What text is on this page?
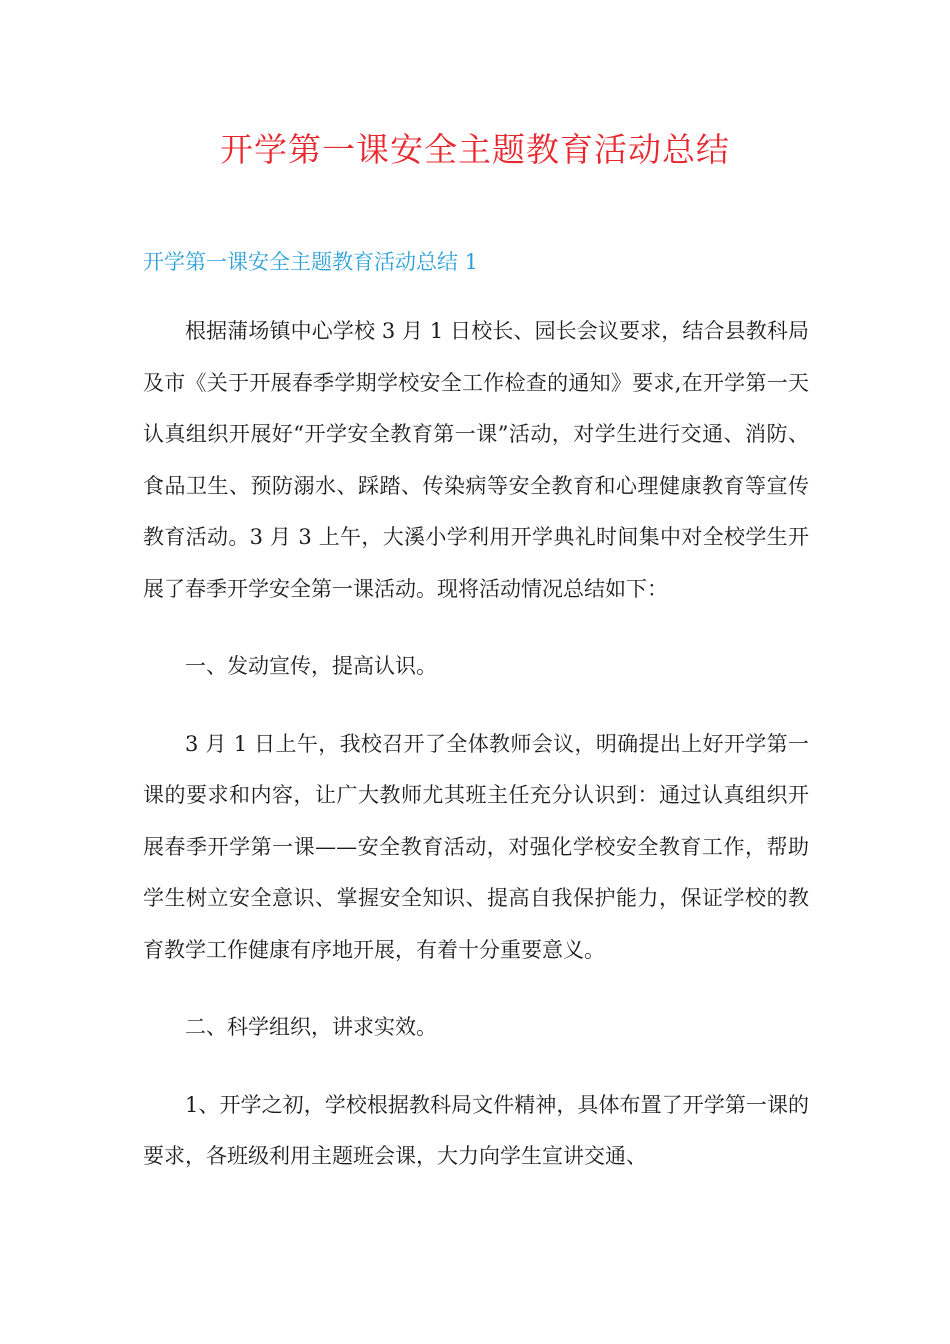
开学第一课安全主题教育活动总结
开学第一课安全主题教育活动总结 1

根据蒲场镇中心学校 3 月 1 日校长、园长会议要求，结合县教科局及市《关于开展春季学期学校安全工作检查的通知》要求,在开学第一天认真组织开展好“开学安全教育第一课”活动，对学生进行交通、消防、食品卫生、预防溺水、踩踏、传染病等安全教育和心理健康教育等宣传教育活动。3 月 3 上午，大溪小学利用开学典礼时间集中对全校学生开展了春季开学安全第一课活动。现将活动情况总结如下：

一、发动宣传，提高认识。

3 月 1 日上午，我校召开了全体教师会议，明确提出上好开学第一课的要求和内容，让广大教师尤其班主任充分认识到：通过认真组织开展春季开学第一课——安全教育活动，对强化学校安全教育工作，帮助学生树立安全意识、掌握安全知识、提高自我保护能力，保证学校的教育教学工作健康有序地开展，有着十分重要意义。

二、科学组织，讲求实效。

1、开学之初，学校根据教科局文件精神，具体布置了开学第一课的要求，各班级利用主题班会课，大力向学生宣讲交通、
